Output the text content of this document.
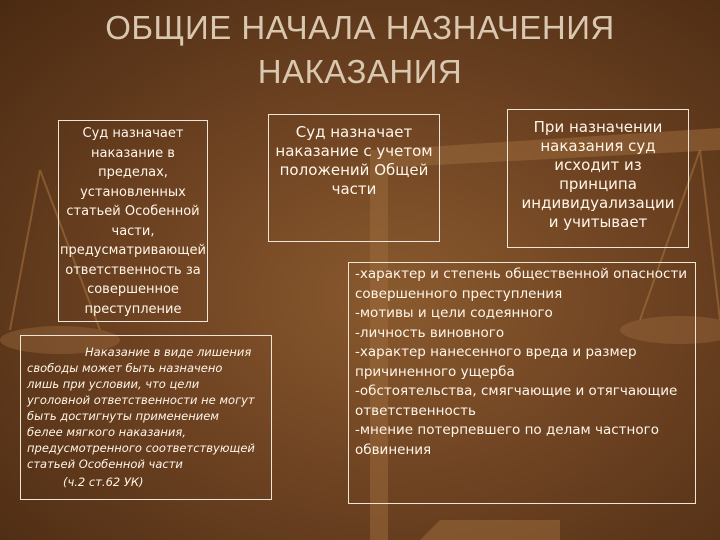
ОБЩИЕ НАЧАЛА НАЗНАЧЕНИЯ
НАКАЗАНИЯ
Суд назначает
наказание в
пределах,
установленных
статьей Особенной
части,
предусматривающей
ответственность за
совершенное
преступление
Наказание в виде лишения
свободы может быть назначено
лишь при условии, что цели
уголовной ответственности не могут
быть достигнуты применением
белее мягкого наказания,
предусмотренного соответствующей
статьей Особенной части
(ч.2 ст.62 УК)
Суд назначает
наказание с учетом
положений Общей
части
При назначении
наказания суд
исходит из
принципа
индивидуализации
и учитывает
-характер и степень общественной опасности совершенного преступления
-мотивы и цели содеянного
-личность виновного
-характер нанесенного вреда и размер причиненного ущерба
-обстоятельства, смягчающие и отягчающие ответственность
-мнение потерпевшего по делам частного обвинения
